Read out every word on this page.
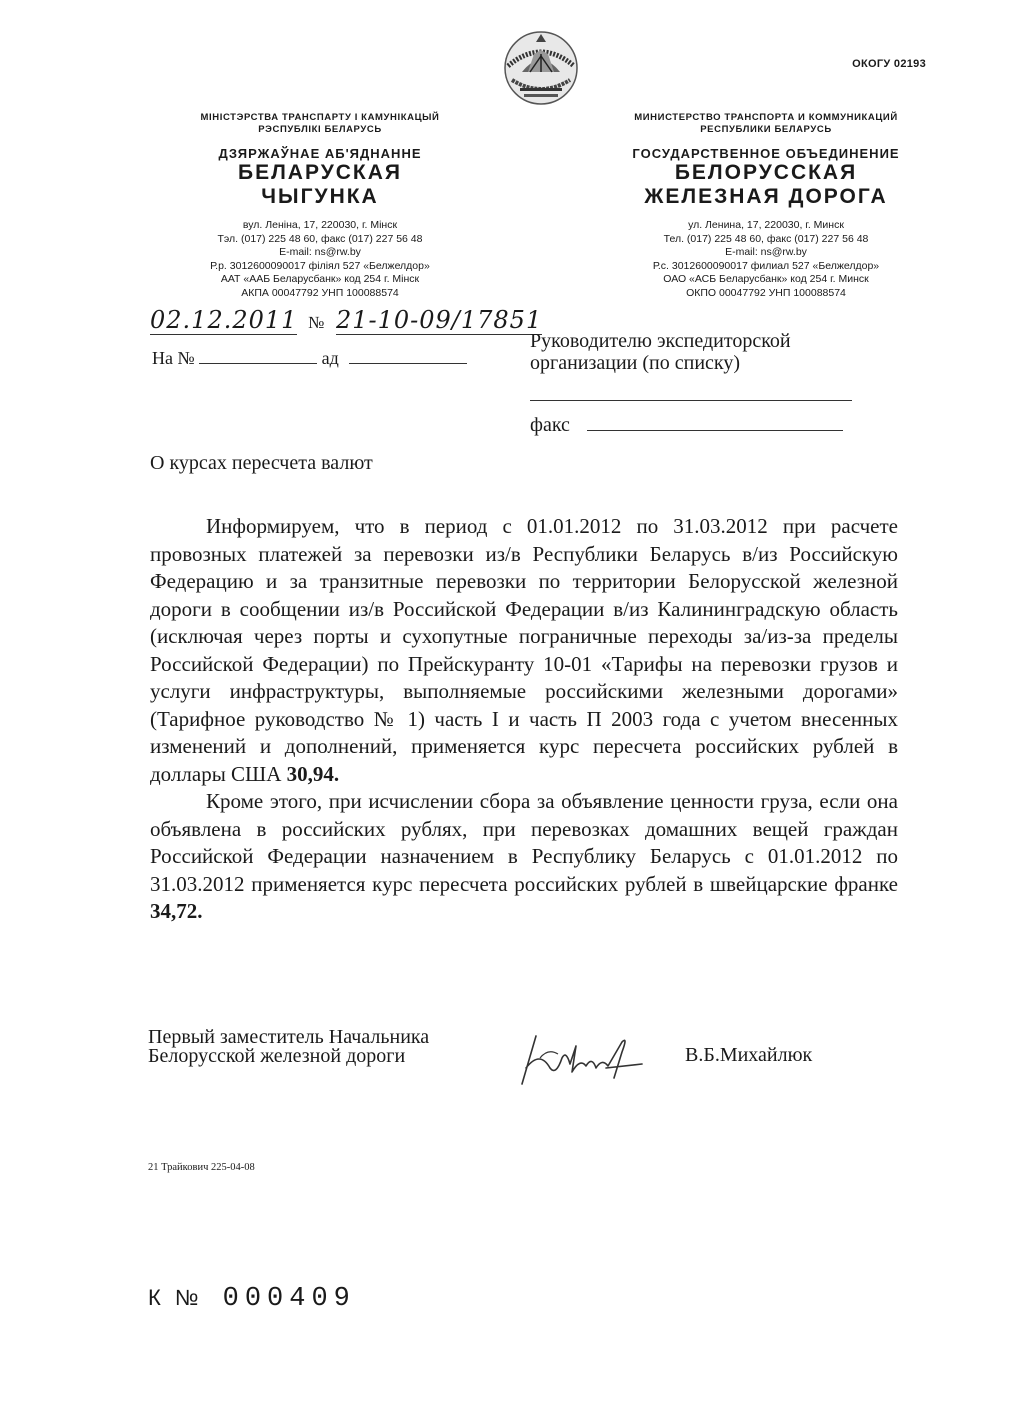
ОКОГУ 02193
МІНІСТЭРСТВА ТРАНСПАРТУ І КАМУНІКАЦЫЙ
РЭСПУБЛІКІ БЕЛАРУСЬ
ДЗЯРЖАЎНАЕ АБ'ЯДНАННЕ
БЕЛАРУСКАЯ
ЧЫГУНКА
вул. Леніна, 17, 220030, г. Мінск
Тэл. (017) 225 48 60, факс (017) 227 56 48
E-mail: ns@rw.by
Р.р. 3012600090017 філіял 527 «Белжелдор»
ААТ «ААБ Беларусбанк» код 254 г. Мінск
АКПА 00047792 УНП 100088574
МИНИСТЕРСТВО ТРАНСПОРТА И КОММУНИКАЦИЙ
РЕСПУБЛИКИ БЕЛАРУСЬ
ГОСУДАРСТВЕННОЕ ОБЪЕДИНЕНИЕ
БЕЛОРУССКАЯ
ЖЕЛЕЗНАЯ ДОРОГА
ул. Ленина, 17, 220030, г. Минск
Тел. (017) 225 48 60, факс (017) 227 56 48
E-mail: ns@rw.by
Р.с. 3012600090017 филиал 527 «Белжелдор»
ОАО «АСБ Беларусбанк» код 254 г. Минск
ОКПО 00047792 УНП 100088574
02.12.2011 № 21-10-09/17851
На №	ад
Руководителю экспедиторской
организации (по списку)
факс
О курсах пересчета валют

Информируем, что в период с 01.01.2012 по 31.03.2012 при расчете провозных платежей за перевозки из/в Республики Беларусь в/из Российскую Федерацию и за транзитные перевозки по территории Белорусской железной дороги в сообщении из/в Российской Федерации в/из Калининградскую область (исключая через порты и сухопутные пограничные переходы за/из-за пределы Российской Федерации) по Прейскуранту 10-01 «Тарифы на перевозки грузов и услуги инфраструктуры, выполняемые российскими железными дорогами» (Тарифное руководство № 1) часть I и часть П 2003 года с учетом внесенных изменений и дополнений, применяется курс пересчета российских рублей в доллары США 30,94.

Кроме этого, при исчислении сбора за объявление ценности груза, если она объявлена в российских рублях, при перевозках домашних вещей граждан Российской Федерации назначением в Республику Беларусь с 01.01.2012 по 31.03.2012 применяется курс пересчета российских рублей в швейцарские франке 34,72.

Первый заместитель Начальника
Белорусской железной дороги	В.Б.Михайлюк
21 Трайкович 225-04-08
К № 000409
